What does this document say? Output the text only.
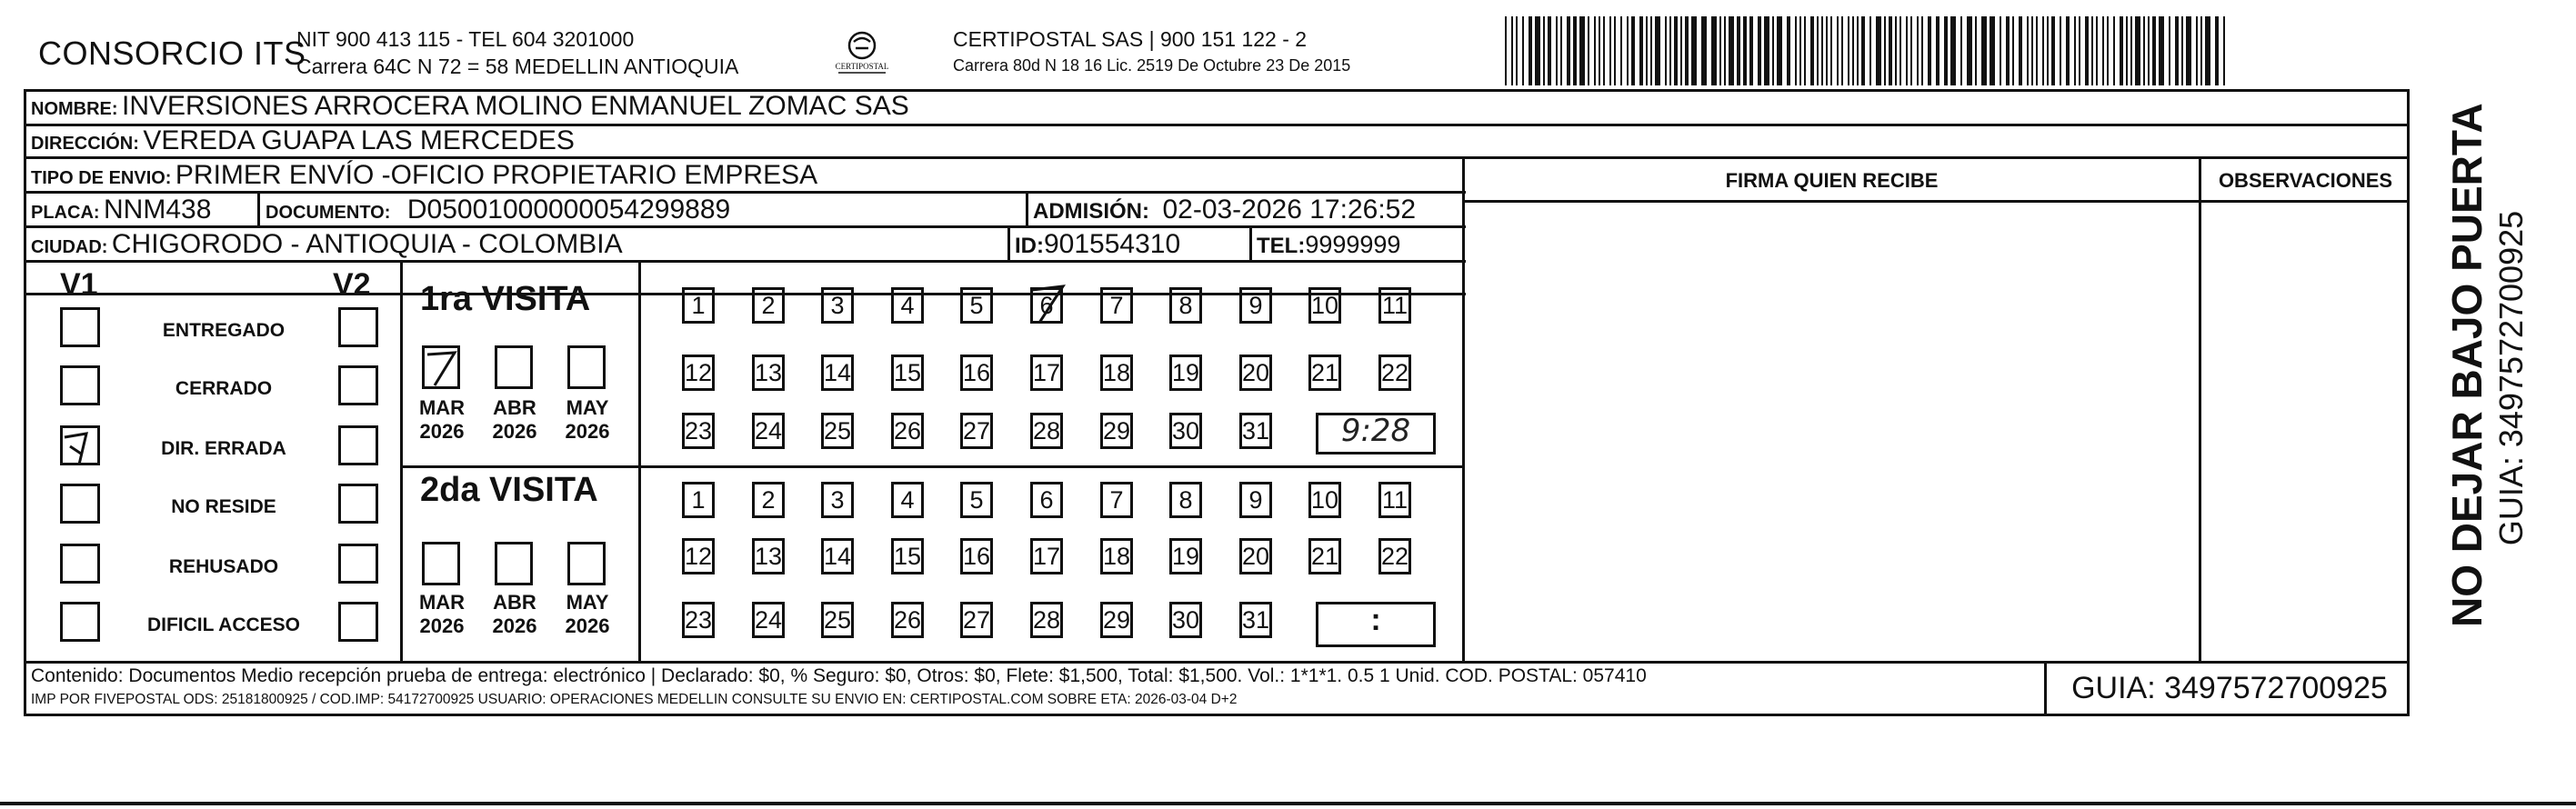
CONSORCIO ITS
NIT 900 413 115 - TEL 604 3201000
Carrera 64C N 72 = 58 MEDELLIN ANTIOQUIA	CERTIPOSTAL
CERTIPOSTAL SAS | 900 151 122 - 2
Carrera 80d N 18 16 Lic. 2519 De Octubre 23 De 2015
NOMBRE: INVERSIONES ARROCERA MOLINO ENMANUEL ZOMAC SAS
DIRECCIÓN: VEREDA GUAPA LAS MERCEDES
TIPO DE ENVIO: PRIMER ENVÍO -OFICIO PROPIETARIO EMPRESA
PLACA: NNM438	DOCUMENTO: D05001000000054299889	ADMISIÓN: 02-03-2026 17:26:52
CIUDAD: CHIGORODO - ANTIOQUIA - COLOMBIA	ID:901554310	TEL:9999999
FIRMA QUIEN RECIBE	OBSERVACIONES
V1	V2
ENTREGADO
CERRADO
DIR. ERRADA
NO RESIDE
REHUSADO
DIFICIL ACCESO
1ra VISITA
2da VISITA
MAR
2026
ABR
2026
MAY
2026
MAR
2026
ABR
2026
MAY
2026
1	2	3	4	5	6	7	8	9	10 11
12 13 14 15 16 17 18 19 20 21 22
23 24 25 26 27 28 29 30 31	9:28
1	2	3	4	5	6	7	8	9	10 11
12 13 14 15 16 17 18 19 20 21 22
23 24 25 26 27 28 29 30 31	:
Contenido: Documentos Medio recepción prueba de entrega: electrónico | Declarado: $0, % Seguro: $0, Otros: $0, Flete: $1,500, Total: $1,500. Vol.: 1*1*1. 0.5 1 Unid. COD. POSTAL: 057410
IMP POR FIVEPOSTAL ODS: 25181800925 / COD.IMP: 54172700925 USUARIO: OPERACIONES MEDELLIN CONSULTE SU ENVIO EN: CERTIPOSTAL.COM SOBRE ETA: 2026-03-04 D+2	GUIA: 3497572700925
NO DEJAR BAJO PUERTA GUIA: 3497572700925
